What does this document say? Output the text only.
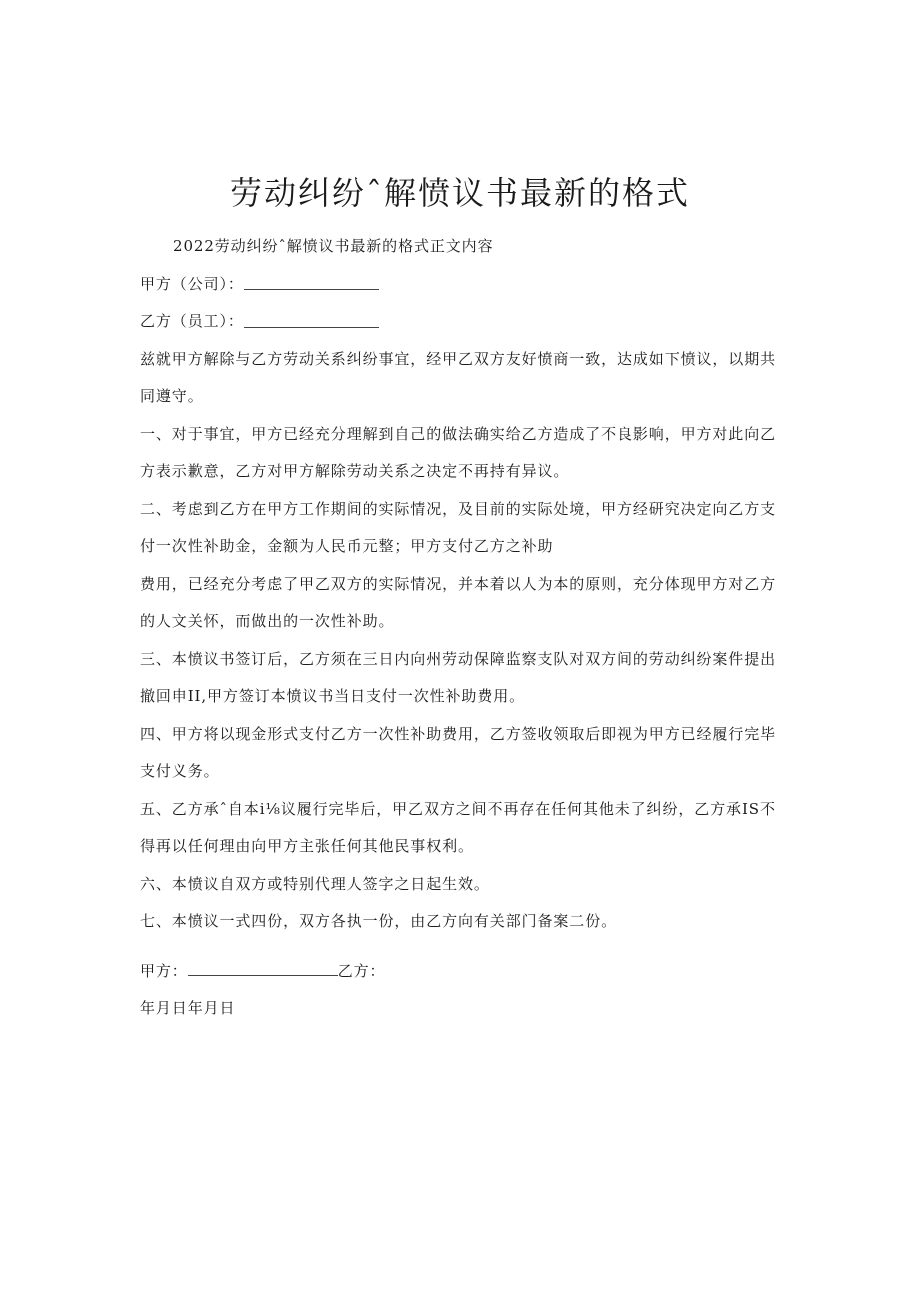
劳动纠纷ˆ解愤议书最新的格式

2022劳动纠纷ˆ解愤议书最新的格式正文内容

甲方（公司）：

乙方（员工）：

兹就甲方解除与乙方劳动关系纠纷事宜，经甲乙双方友好愤商一致，达成如下愤议，以期共同遵守。

一、对于事宜，甲方已经充分理解到自己的做法确实给乙方造成了不良影响，甲方对此向乙方表示歉意，乙方对甲方解除劳动关系之决定不再持有异议。

二、考虑到乙方在甲方工作期间的实际情况，及目前的实际处境，甲方经研究决定向乙方支付一次性补助金，金额为人民币元整；甲方支付乙方之补助

费用，已经充分考虑了甲乙双方的实际情况，并本着以人为本的原则，充分体现甲方对乙方的人文关怀，而做出的一次性补助。

三、本愤议书签订后，乙方须在三日内向州劳动保障监察支队对双方间的劳动纠纷案件提出撤回申II,甲方签订本愤议书当日支付一次性补助费用。

四、甲方将以现金形式支付乙方一次性补助费用，乙方签收领取后即视为甲方已经履行完毕支付义务。

五、乙方承ˆ自本i⅛议履行完毕后，甲乙双方之间不再存在任何其他未了纠纷，乙方承IS不得再以任何理由向甲方主张任何其他民事权利。

六、本愤议自双方或特别代理人签字之日起生效。

七、本愤议一式四份，双方各执一份，由乙方向有关部门备案二份。

甲方：	乙方：

年月日年月日
